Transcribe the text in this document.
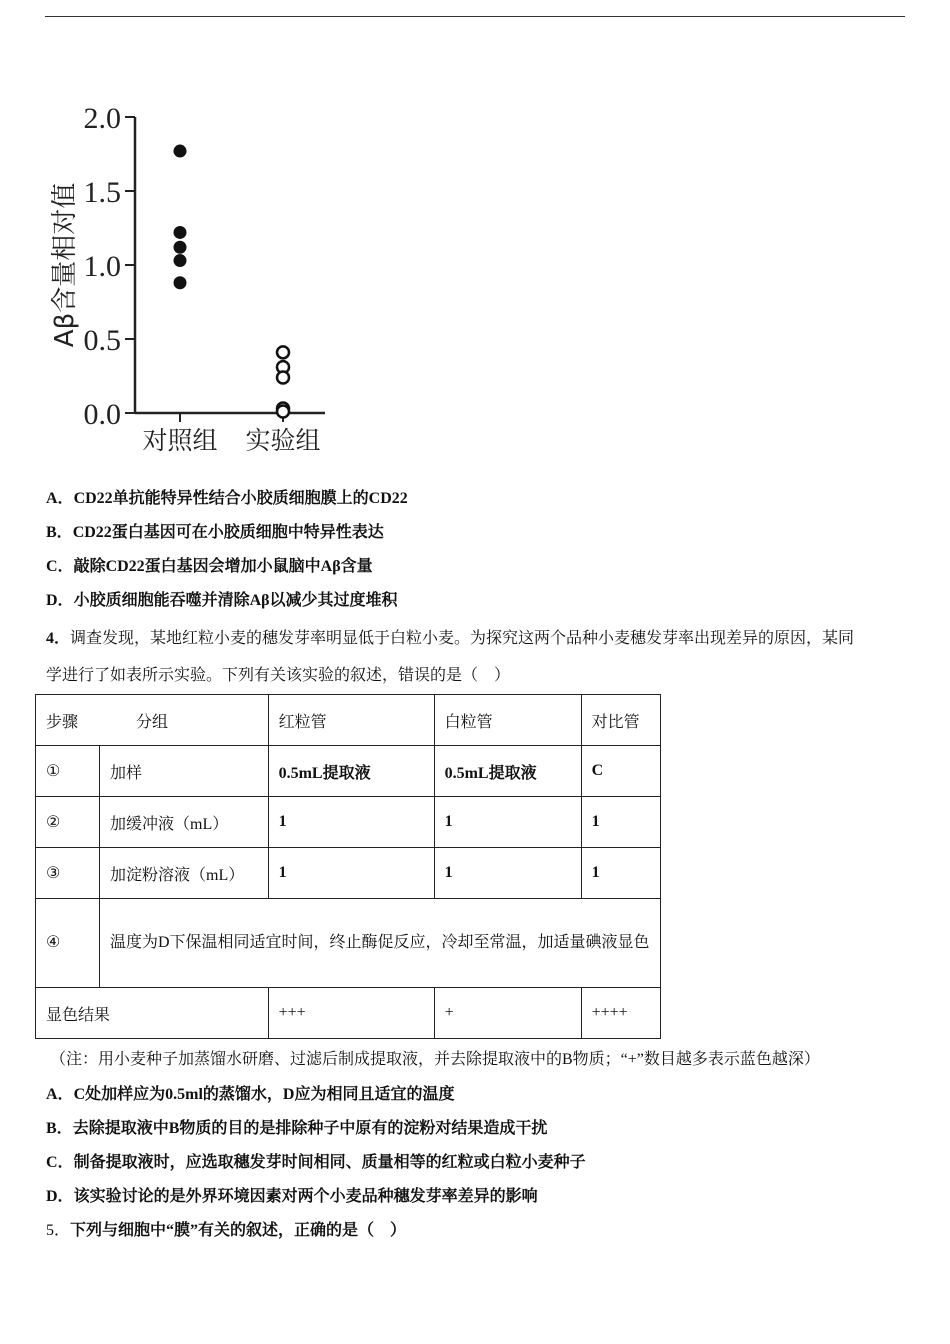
2.0
1.5
1.0
0.5
0.0
对照组 实验组
Aβ含量相对值
A．CD22单抗能特异性结合小胶质细胞膜上的CD22
B．CD22蛋白基因可在小胶质细胞中特异性表达
C．敲除CD22蛋白基因会增加小鼠脑中Aβ含量
D．小胶质细胞能吞噬并清除Aβ以减少其过度堆积
4．调查发现，某地红粒小麦的穗发芽率明显低于白粒小麦。为探究这两个品种小麦穗发芽率出现差异的原因，某同
学进行了如表所示实验。下列有关该实验的叙述，错误的是（　）
步骤 分组		红粒管	白粒管	对比管
①	加样	0.5mL提取液	0.5mL提取液	C
②	加缓冲液（mL）	1	1	1
③	加淀粉溶液（mL）	1	1	1
④	温度为D下保温相同适宜时间，终止酶促反应，冷却至常温，加适量碘液显色			
显色结果		+++	+	++++
（注：用小麦种子加蒸馏水研磨、过滤后制成提取液，并去除提取液中的B物质；“+”数目越多表示蓝色越深）
A．C处加样应为0.5ml的蒸馏水，D应为相同且适宜的温度
B．去除提取液中B物质的目的是排除种子中原有的淀粉对结果造成干扰
C．制备提取液时，应选取穗发芽时间相同、质量相等的红粒或白粒小麦种子
D．该实验讨论的是外界环境因素对两个小麦品种穗发芽率差异的影响
5．下列与细胞中“膜”有关的叙述，正确的是（　）
